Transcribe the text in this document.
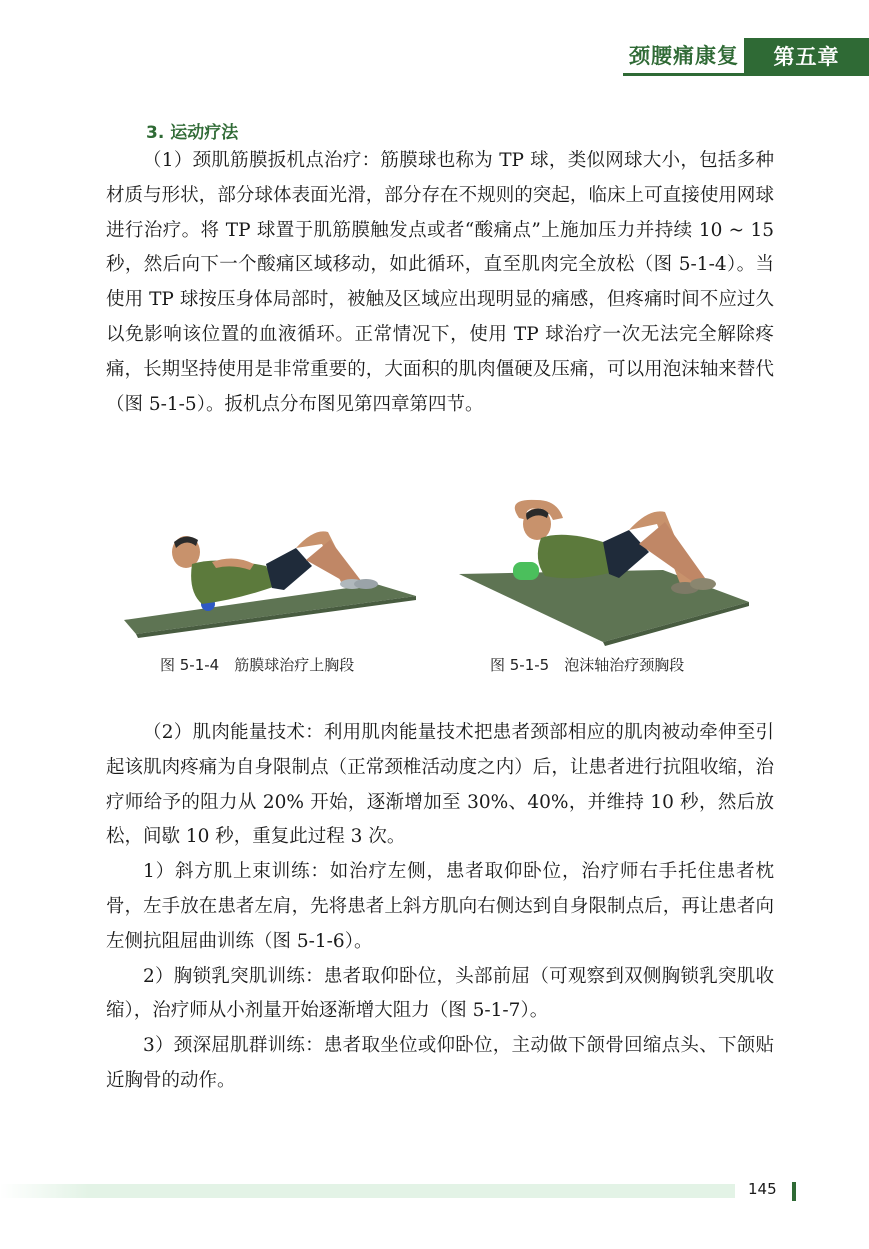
颈腰痛康复	第五章
3. 运动疗法

（1）颈肌筋膜扳机点治疗：筋膜球也称为 TP 球，类似网球大小，包括多种材质与形状，部分球体表面光滑，部分存在不规则的突起，临床上可直接使用网球进行治疗。将 TP 球置于肌筋膜触发点或者“酸痛点”上施加压力并持续 10 ~ 15 秒，然后向下一个酸痛区域移动，如此循环，直至肌肉完全放松（图 5-1-4）。当使用 TP 球按压身体局部时，被触及区域应出现明显的痛感，但疼痛时间不应过久以免影响该位置的血液循环。正常情况下，使用 TP 球治疗一次无法完全解除疼痛，长期坚持使用是非常重要的，大面积的肌肉僵硬及压痛，可以用泡沫轴来替代（图 5-1-5）。扳机点分布图见第四章第四节。

图 5-1-4　筋膜球治疗上胸段	图 5-1-5　泡沫轴治疗颈胸段

（2）肌肉能量技术：利用肌肉能量技术把患者颈部相应的肌肉被动牵伸至引起该肌肉疼痛为自身限制点（正常颈椎活动度之内）后，让患者进行抗阻收缩，治疗师给予的阻力从 20% 开始，逐渐增加至 30%、40%，并维持 10 秒，然后放松，间歇 10 秒，重复此过程 3 次。

1）斜方肌上束训练：如治疗左侧，患者取仰卧位，治疗师右手托住患者枕骨，左手放在患者左肩，先将患者上斜方肌向右侧达到自身限制点后，再让患者向左侧抗阻屈曲训练（图 5-1-6）。

2）胸锁乳突肌训练：患者取仰卧位，头部前屈（可观察到双侧胸锁乳突肌收缩），治疗师从小剂量开始逐渐增大阻力（图 5-1-7）。

3）颈深屈肌群训练：患者取坐位或仰卧位，主动做下颌骨回缩点头、下颌贴近胸骨的动作。

145
